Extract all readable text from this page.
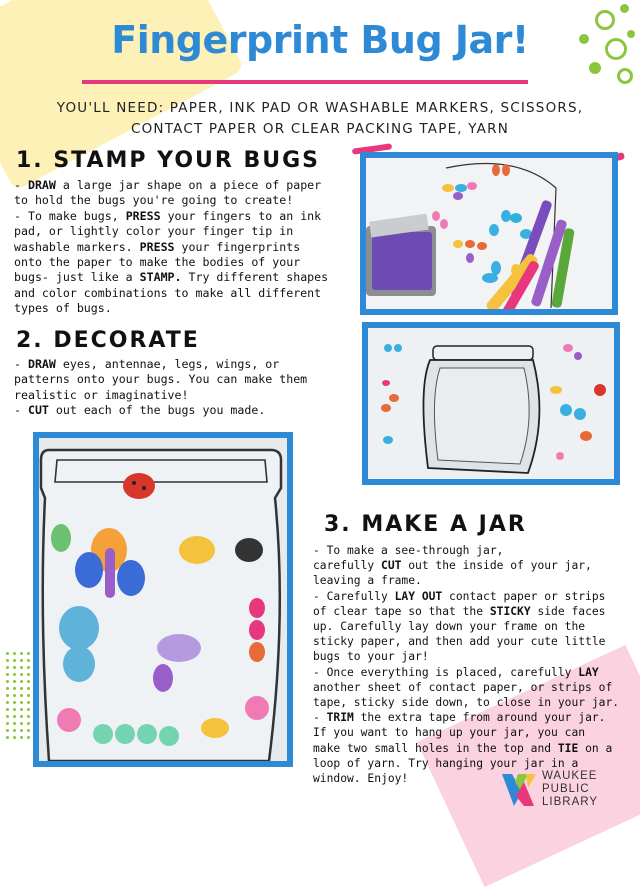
Fingerprint Bug Jar!
YOU'LL NEED: PAPER, INK PAD OR WASHABLE MARKERS, SCISSORS,
CONTACT PAPER OR CLEAR PACKING TAPE, YARN
1. STAMP YOUR BUGS

- DRAW a large jar shape on a piece of paper

to hold the bugs you're going to create!

- To make bugs, PRESS your fingers to an ink

pad, or lightly color your finger tip in

washable markers. PRESS your fingerprints

onto the paper to make the bodies of your

bugs- just like a STAMP. Try different shapes

and color combinations to make all different

types of bugs.

2. DECORATE

- DRAW eyes, antennae, legs, wings, or

patterns onto your bugs. You can make them

realistic or imaginative!

- CUT out each of the bugs you made.

3. MAKE A JAR

- To make a see-through jar,

carefully CUT out the inside of your jar,

leaving a frame.

- Carefully LAY OUT contact paper or strips

of clear tape so that the STICKY side faces

up. Carefully lay down your frame on the

sticky paper, and then add your cute little

bugs to your jar!

- Once everything is placed, carefully LAY

another sheet of contact paper, or strips of

tape, sticky side down, to close in your jar.

- TRIM the extra tape from around your jar.

If you want to hang up your jar, you can

make two small holes in the top and TIE on a

loop of yarn. Try hanging your jar in a

window. Enjoy!	WAUKEE
PUBLIC
LIBRARY
